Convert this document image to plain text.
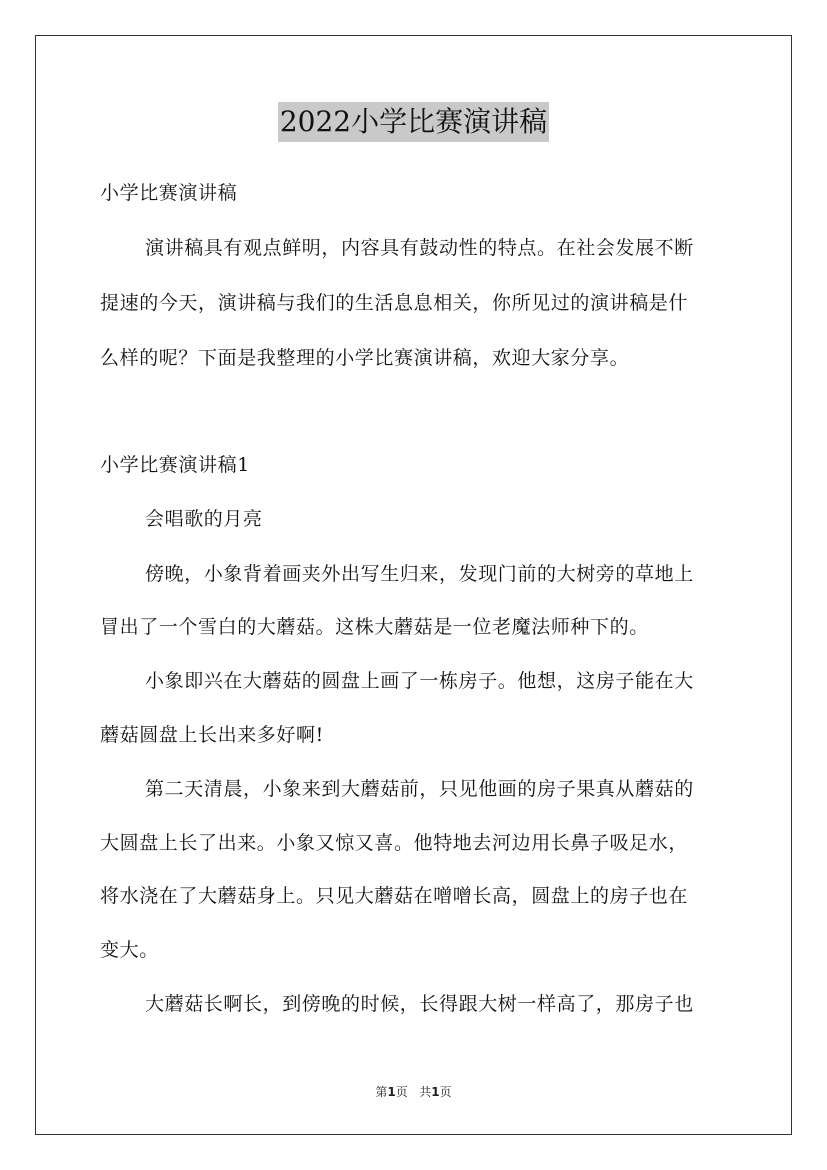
2022小学比赛演讲稿
小学比赛演讲稿
演讲稿具有观点鲜明，内容具有鼓动性的特点。在社会发展不断
提速的今天，演讲稿与我们的生活息息相关，你所见过的演讲稿是什
么样的呢？下面是我整理的小学比赛演讲稿，欢迎大家分享。
小学比赛演讲稿1
会唱歌的月亮
傍晚，小象背着画夹外出写生归来，发现门前的大树旁的草地上
冒出了一个雪白的大蘑菇。这株大蘑菇是一位老魔法师种下的。
小象即兴在大蘑菇的圆盘上画了一栋房子。他想，这房子能在大
蘑菇圆盘上长出来多好啊!
第二天清晨，小象来到大蘑菇前，只见他画的房子果真从蘑菇的
大圆盘上长了出来。小象又惊又喜。他特地去河边用长鼻子吸足水，
将水浇在了大蘑菇身上。只见大蘑菇在噌噌长高，圆盘上的房子也在
变大。
大蘑菇长啊长，到傍晚的时候，长得跟大树一样高了，那房子也
第1页 共1页
